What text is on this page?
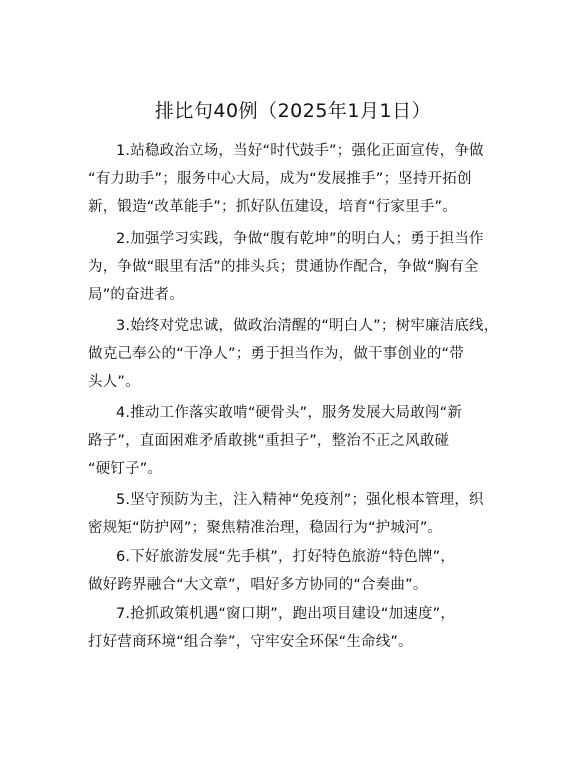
排比句40例（2025年1月1日）
1.站稳政治立场，当好“时代鼓手”；强化正面宣传，争做
“有力助手”；服务中心大局，成为“发展推手”；坚持开拓创
新，锻造“改革能手”；抓好队伍建设，培育“行家里手”。
2.加强学习实践，争做“腹有乾坤”的明白人；勇于担当作
为，争做“眼里有活”的排头兵；贯通协作配合，争做“胸有全
局”的奋进者。
3.始终对党忠诚，做政治清醒的“明白人”；树牢廉洁底线，
做克己奉公的“干净人”；勇于担当作为，做干事创业的“带
头人”。
4.推动工作落实敢啃“硬骨头”，服务发展大局敢闯“新
路子”，直面困难矛盾敢挑“重担子”，整治不正之风敢碰
“硬钉子”。
5.坚守预防为主，注入精神“免疫剂”；强化根本管理，织
密规矩“防护网”；聚焦精准治理，稳固行为“护城河”。
6.下好旅游发展“先手棋”，打好特色旅游“特色牌”，
做好跨界融合“大文章”，唱好多方协同的“合奏曲”。
7.抢抓政策机遇“窗口期”，跑出项目建设“加速度”，
打好营商环境“组合拳”，守牢安全环保“生命线”。
